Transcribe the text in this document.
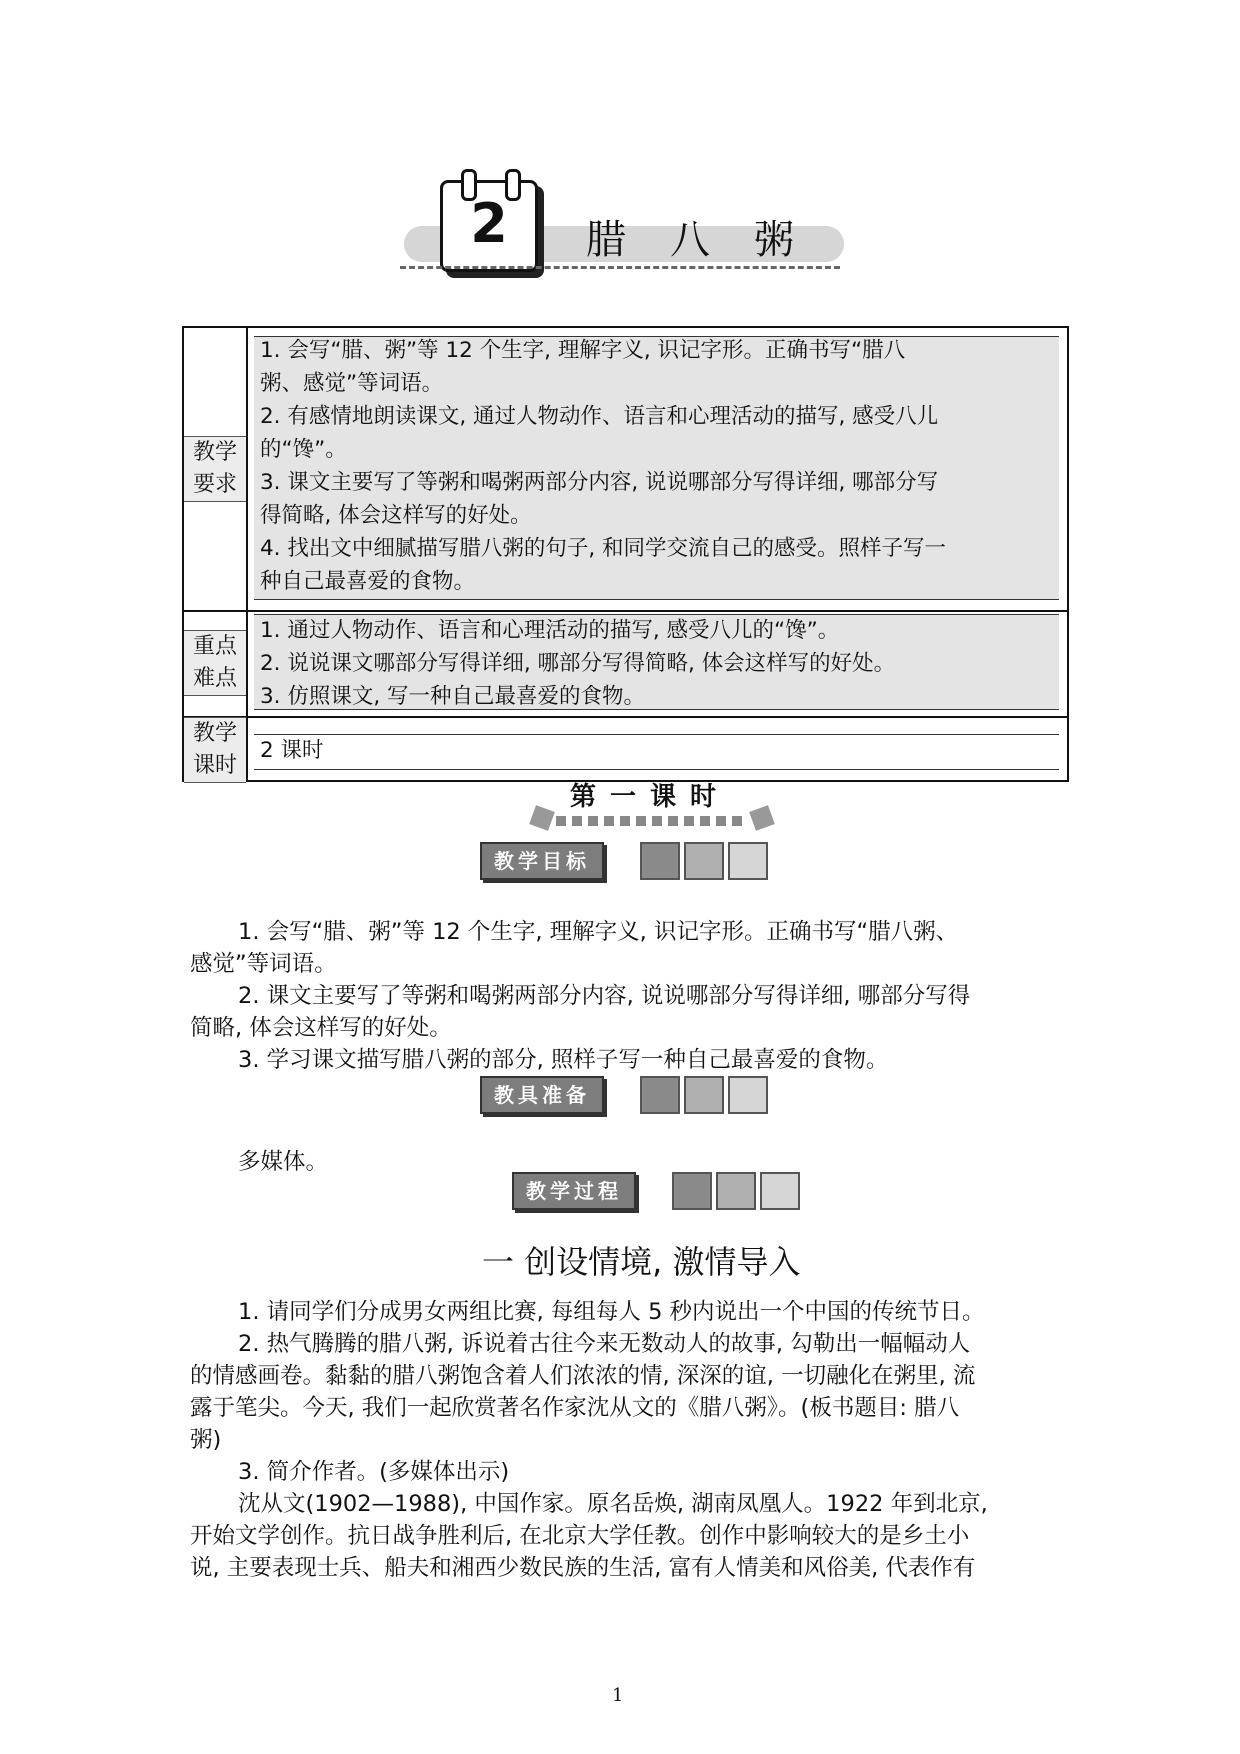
2	腊八粥
教学
要求
1. 会写“腊、粥”等 12 个生字, 理解字义, 识记字形。正确书写“腊八
粥、感觉”等词语。
2. 有感情地朗读课文, 通过人物动作、语言和心理活动的描写, 感受八儿
的“馋”。
3. 课文主要写了等粥和喝粥两部分内容, 说说哪部分写得详细, 哪部分写
得简略, 体会这样写的好处。
4. 找出文中细腻描写腊八粥的句子, 和同学交流自己的感受。照样子写一
种自己最喜爱的食物。
重点
难点
1. 通过人物动作、语言和心理活动的描写, 感受八儿的“馋”。
2. 说说课文哪部分写得详细, 哪部分写得简略, 体会这样写的好处。
3. 仿照课文, 写一种自己最喜爱的食物。
教学
课时
2 课时
第一课时
教学目标
1. 会写“腊、粥”等 12 个生字, 理解字义, 识记字形。正确书写“腊八粥、
感觉”等词语。
2. 课文主要写了等粥和喝粥两部分内容, 说说哪部分写得详细, 哪部分写得
简略, 体会这样写的好处。
3. 学习课文描写腊八粥的部分, 照样子写一种自己最喜爱的食物。
教具准备
多媒体。
教学过程
一 创设情境, 激情导入
1. 请同学们分成男女两组比赛, 每组每人 5 秒内说出一个中国的传统节日。
2. 热气腾腾的腊八粥, 诉说着古往今来无数动人的故事, 勾勒出一幅幅动人
的情感画卷。黏黏的腊八粥饱含着人们浓浓的情, 深深的谊, 一切融化在粥里, 流
露于笔尖。今天, 我们一起欣赏著名作家沈从文的《腊八粥》。(板书题目: 腊八
粥)
3. 简介作者。(多媒体出示)
沈从文(1902—1988), 中国作家。原名岳焕, 湖南凤凰人。1922 年到北京,
开始文学创作。抗日战争胜利后, 在北京大学任教。创作中影响较大的是乡土小
说, 主要表现士兵、船夫和湘西少数民族的生活, 富有人情美和风俗美, 代表作有
1
